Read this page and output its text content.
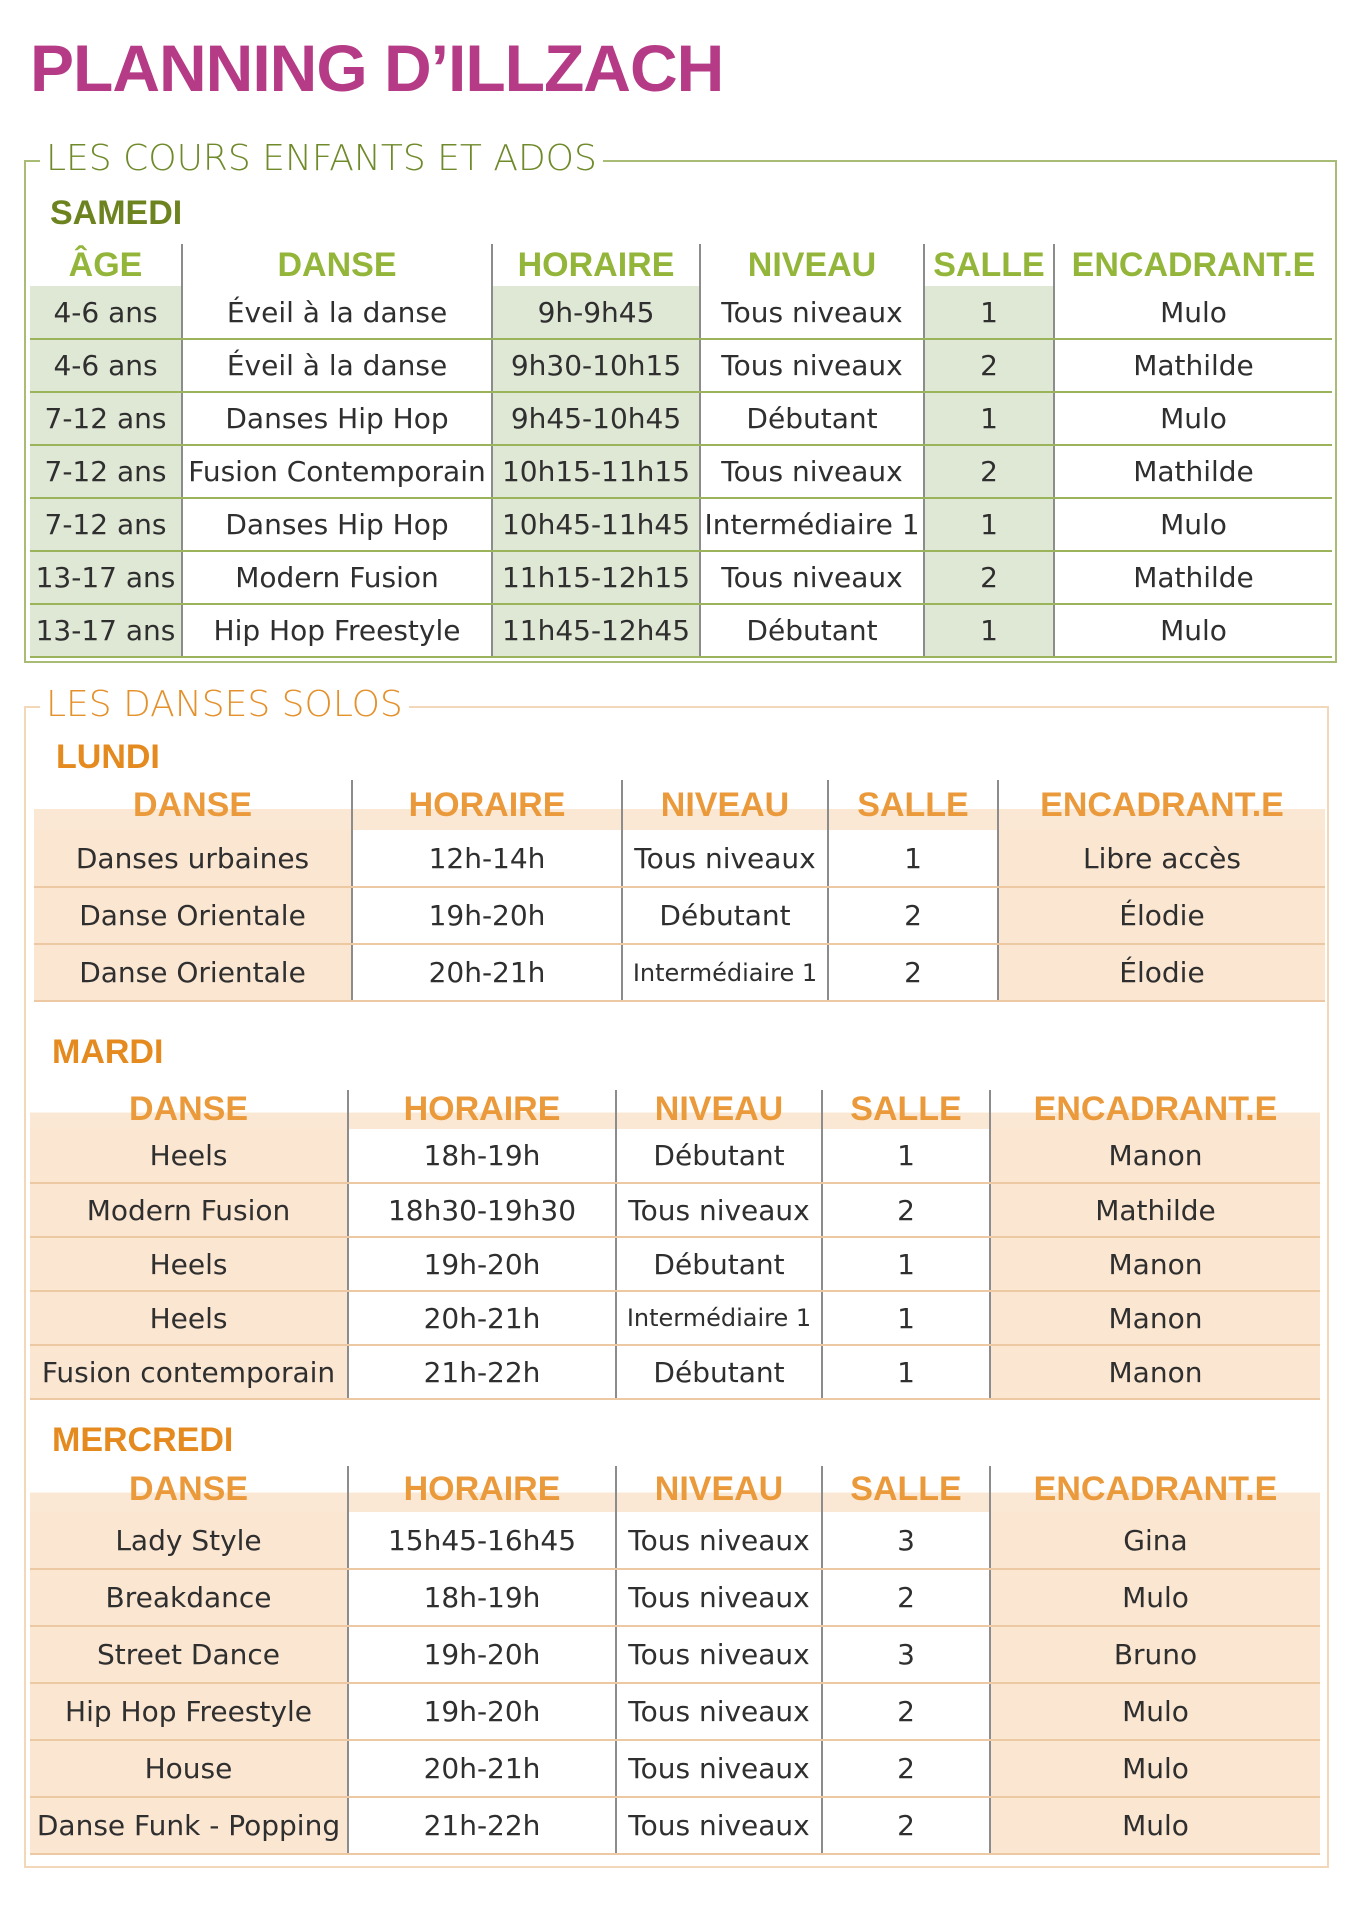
PLANNING D’ILLZACH
LES COURS ENFANTS ET ADOS
SAMEDI
ÂGE	DANSE	HORAIRE	NIVEAU	SALLE	ENCADRANT.E
4-6 ans	Éveil à la danse	9h-9h45	Tous niveaux	1	Mulo
4-6 ans	Éveil à la danse	9h30-10h15	Tous niveaux	2	Mathilde
7-12 ans	Danses Hip Hop	9h45-10h45	Débutant	1	Mulo
7-12 ans	Fusion Contemporain	10h15-11h15	Tous niveaux	2	Mathilde
7-12 ans	Danses Hip Hop	10h45-11h45	Intermédiaire 1	1	Mulo
13-17 ans	Modern Fusion	11h15-12h15	Tous niveaux	2	Mathilde
13-17 ans	Hip Hop Freestyle	11h45-12h45	Débutant	1	Mulo
LES DANSES SOLOS
LUNDI
DANSE	HORAIRE	NIVEAU	SALLE	ENCADRANT.E
Danses urbaines	12h-14h	Tous niveaux	1	Libre accès
Danse Orientale	19h-20h	Débutant	2	Élodie
Danse Orientale	20h-21h	Intermédiaire 1	2	Élodie
MARDI
DANSE	HORAIRE	NIVEAU	SALLE	ENCADRANT.E
Heels	18h-19h	Débutant	1	Manon
Modern Fusion	18h30-19h30	Tous niveaux	2	Mathilde
Heels	19h-20h	Débutant	1	Manon
Heels	20h-21h	Intermédiaire 1	1	Manon
Fusion contemporain	21h-22h	Débutant	1	Manon
MERCREDI
DANSE	HORAIRE	NIVEAU	SALLE	ENCADRANT.E
Lady Style	15h45-16h45	Tous niveaux	3	Gina
Breakdance	18h-19h	Tous niveaux	2	Mulo
Street Dance	19h-20h	Tous niveaux	3	Bruno
Hip Hop Freestyle	19h-20h	Tous niveaux	2	Mulo
House	20h-21h	Tous niveaux	2	Mulo
Danse Funk - Popping	21h-22h	Tous niveaux	2	Mulo
